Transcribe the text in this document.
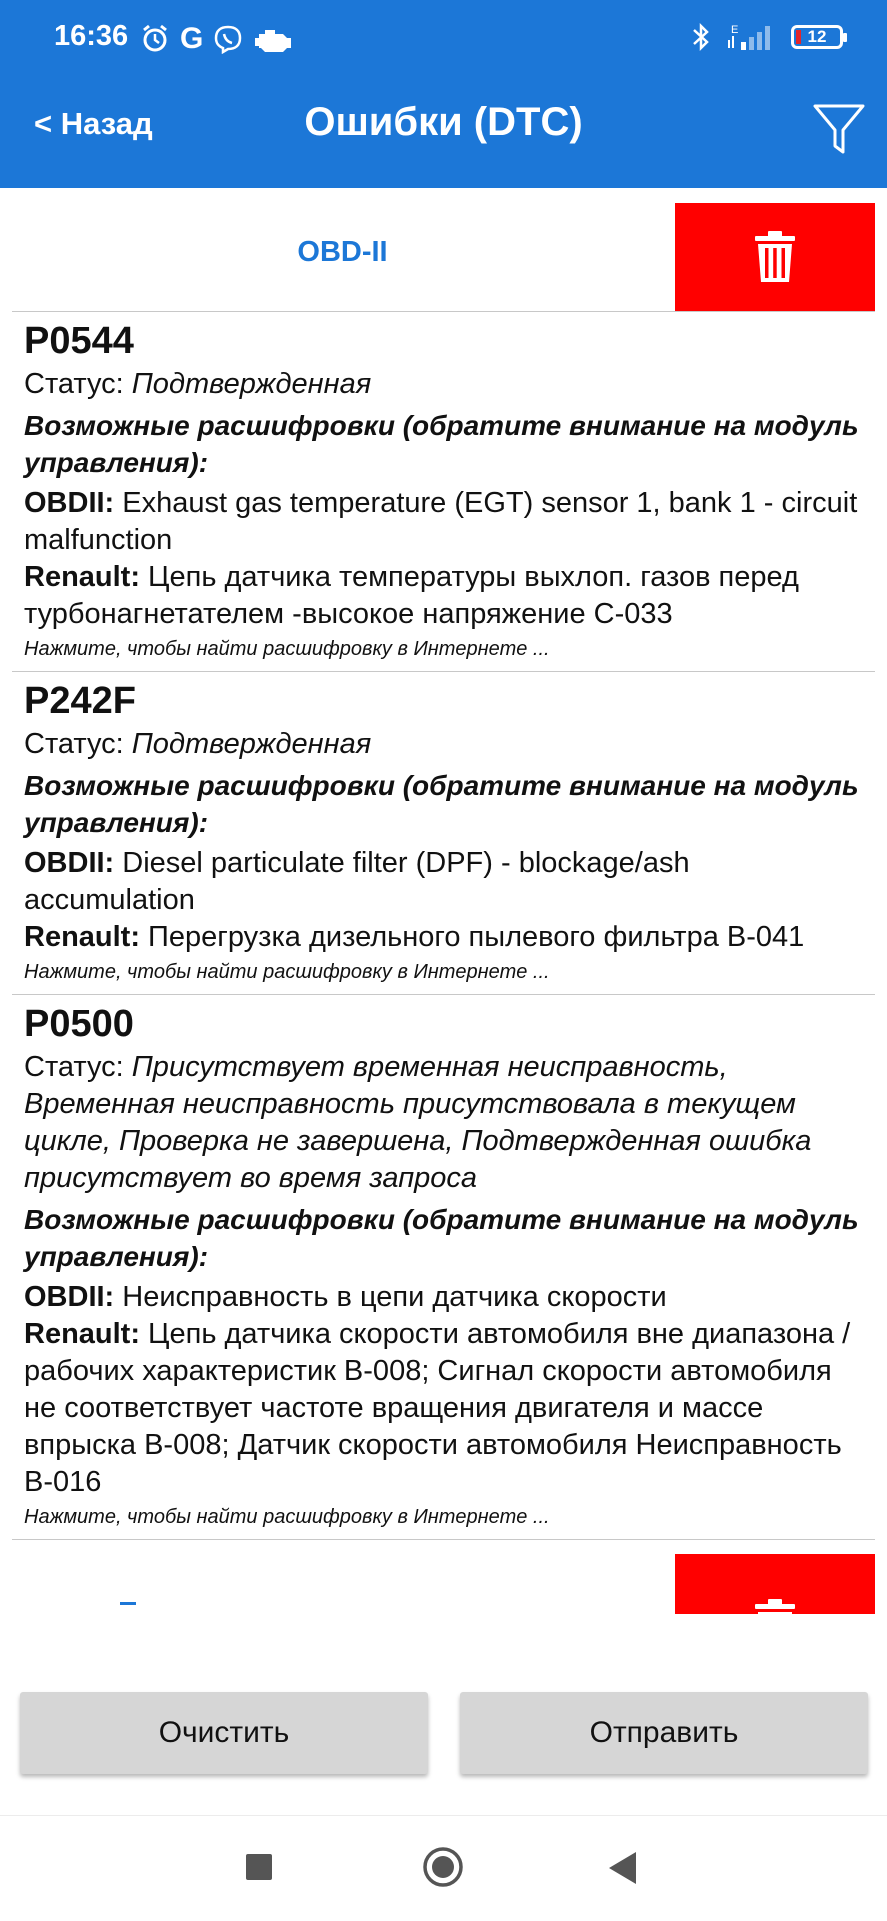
16:36 G	E	12
< Назад	Ошибки (DTC)
OBD-II
P0544
Статус: Подтвержденная
Возможные расшифровки (обратите внимание на модуль управления):
OBDII: Exhaust gas temperature (EGT) sensor 1, bank 1 - circuit malfunction
Renault: Цепь датчика температуры выхлоп. газов перед турбонагнетателем -высокое напряжение С-033
Нажмите, чтобы найти расшифровку в Интернете ...
P242F
Статус: Подтвержденная
Возможные расшифровки (обратите внимание на модуль управления):
OBDII: Diesel particulate filter (DPF) - blockage/ash accumulation
Renault: Перегрузка дизельного пылевого фильтра В-041
Нажмите, чтобы найти расшифровку в Интернете ...
P0500
Статус: Присутствует временная неисправность, Временная неисправность присутствовала в текущем цикле, Проверка не завершена, Подтвержденная ошибка присутствует во время запроса
Возможные расшифровки (обратите внимание на модуль управления):
OBDII: Неисправность в цепи датчика скорости
Renault: Цепь датчика скорости автомобиля вне диапазона / рабочих характеристик В-008; Сигнал скорости автомобиля не соответствует частоте вращения двигателя и массе впрыска В-008; Датчик скорости автомобиля Неисправность В-016
Нажмите, чтобы найти расшифровку в Интернете ...
Очистить	Отправить
